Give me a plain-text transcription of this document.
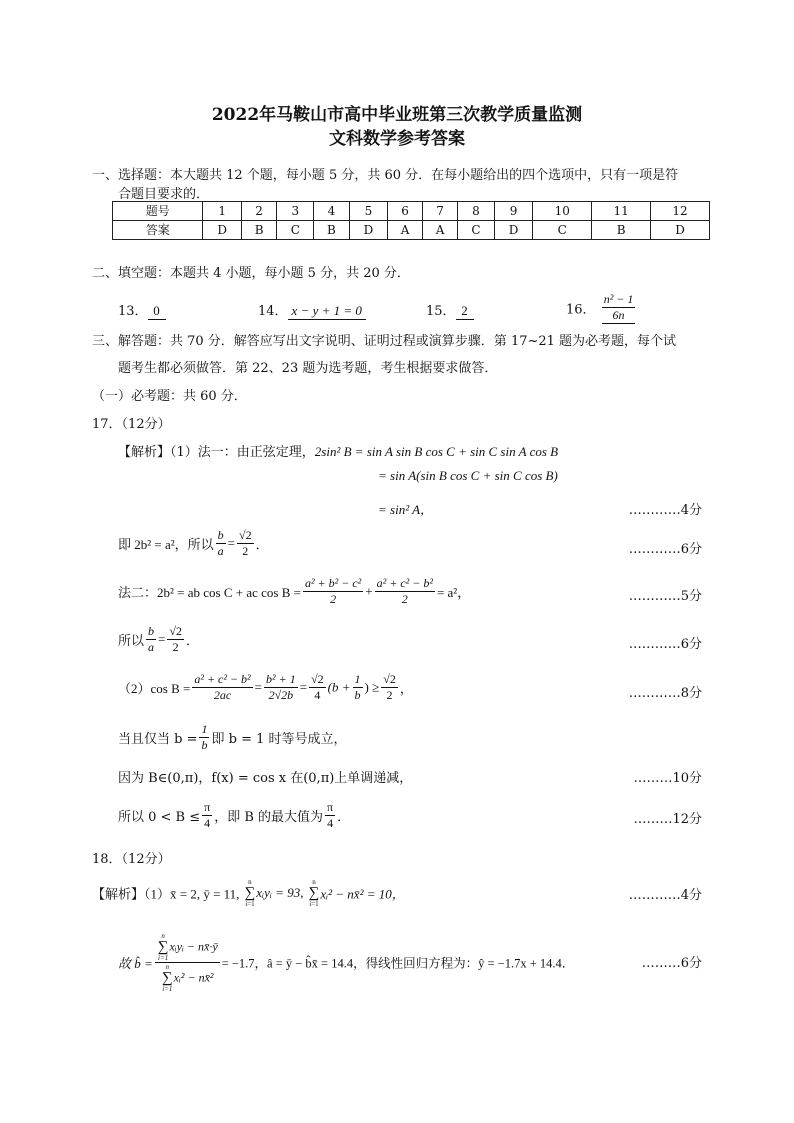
2022年马鞍山市高中毕业班第三次教学质量监测
文科数学参考答案
一、选择题：本大题共 12 个题，每小题 5 分，共 60 分．在每小题给出的四个选项中，只有一项是符
合题目要求的．
题号	1	2	3	4	5	6	7	8	9	10	11	12
答案	D	B	C	B	D	A	A	C	D	C	B	D
二、填空题：本题共 4 小题，每小题 5 分，共 20 分．
13． 0	14． x − y + 1 = 0	15． 2	16． $\frac{\text{n² − 1}}{6n}$
三、解答题：共 70 分．解答应写出文字说明、证明过程或演算步骤．第 17~21 题为必考题，每个试
题考生都必须做答．第 22、23 题为选考题，考生根据要求做答．
（一）必考题：共 60 分．
17．（12分）
【解析】（1）法一：由正弦定理，2sin² B = sin A sin B cos C + sin C sin A cos B
= sin A(sin B cos C + sin C cos B)
= sin² A，	…………4分
即 2b² = a²，所以 $\frac{b}{a} = \frac{√2}{2}$ ．	…………6分
法二：2b² = ab cos C + ac $\cos B = \frac{\text{a² + b² − c²}}{2} + \frac{\text{a² + c² − b²}}{2} = a^2$，	…………5分
所以 $\frac{b}{a} = \frac{√2}{2}$ ．	…………6分
（2）cos $B = \frac{\text{a² + c² − b²}}{2ac} = \frac{\text{b² + 1}}{2√2b} = \frac{√2}{4} (b + \frac{1}{b}$ ) ≥ $\frac{√2}{2}$ ，	…………8分
当且仅当 $b = \frac{1}{b}$ 即 b = 1 时等号成立，
因为 B∈(0,π)，f(x) = cos x 在(0,π)上单调递减，	………10分
所以 $0 < B \le \frac{\pi}{4}$ ，即 B 的最大值为 $\frac{\pi}{4}$ ．	………12分
18．（12分）
【解析】（1）x̄ = 2, ȳ = 11, n
∑
i=1xᵢyᵢ = 93, n
∑
i=1xᵢ² − nx̄² = 10，	…………4分
故 b̂ = n
∑
i=1xᵢyᵢ − nx̄·ȳ
n
∑
i=1xᵢ² − nx̄² = −1.7，â = ȳ − b̂x̄ = 14.4，得线性回归方程为：ŷ = −1.7x + 14.4．	………6分
